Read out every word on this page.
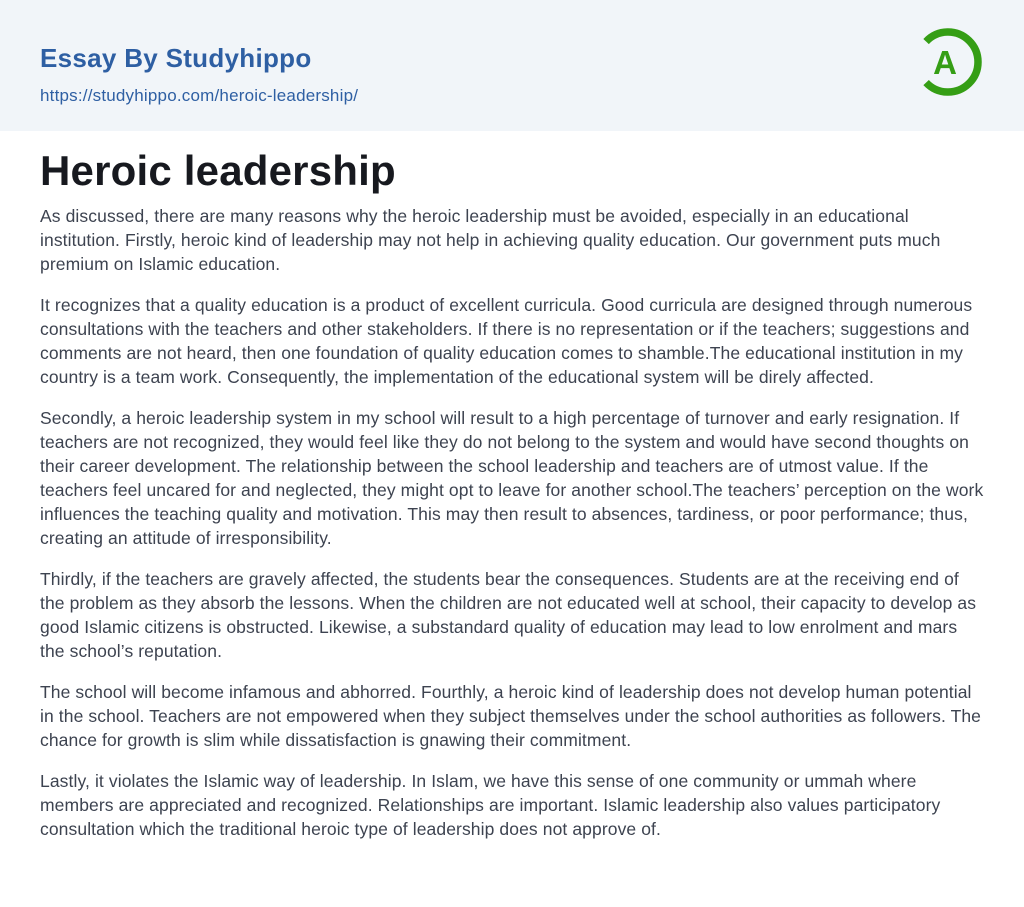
Essay By Studyhippo
https://studyhippo.com/heroic-leadership/
A
Heroic leadership

As discussed, there are many reasons why the heroic leadership must be avoided, especially in an educational institution. Firstly, heroic kind of leadership may not help in achieving quality education. Our government puts much premium on Islamic education.

It recognizes that a quality education is a product of excellent curricula. Good curricula are designed through numerous consultations with the teachers and other stakeholders. If there is no representation or if the teachers; suggestions and comments are not heard, then one foundation of quality education comes to shamble.The educational institution in my country is a team work. Consequently, the implementation of the educational system will be direly affected.

Secondly, a heroic leadership system in my school will result to a high percentage of turnover and early resignation. If teachers are not recognized, they would feel like they do not belong to the system and would have second thoughts on their career development. The relationship between the school leadership and teachers are of utmost value. If the teachers feel uncared for and neglected, they might opt to leave for another school.The teachers’ perception on the work influences the teaching quality and motivation. This may then result to absences, tardiness, or poor performance; thus, creating an attitude of irresponsibility.

Thirdly, if the teachers are gravely affected, the students bear the consequences. Students are at the receiving end of the problem as they absorb the lessons. When the children are not educated well at school, their capacity to develop as good Islamic citizens is obstructed. Likewise, a substandard quality of education may lead to low enrolment and mars the school’s reputation.

The school will become infamous and abhorred. Fourthly, a heroic kind of leadership does not develop human potential in the school. Teachers are not empowered when they subject themselves under the school authorities as followers. The chance for growth is slim while dissatisfaction is gnawing their commitment.

Lastly, it violates the Islamic way of leadership. In Islam, we have this sense of one community or ummah where members are appreciated and recognized. Relationships are important. Islamic leadership also values participatory consultation which the traditional heroic type of leadership does not approve of.
